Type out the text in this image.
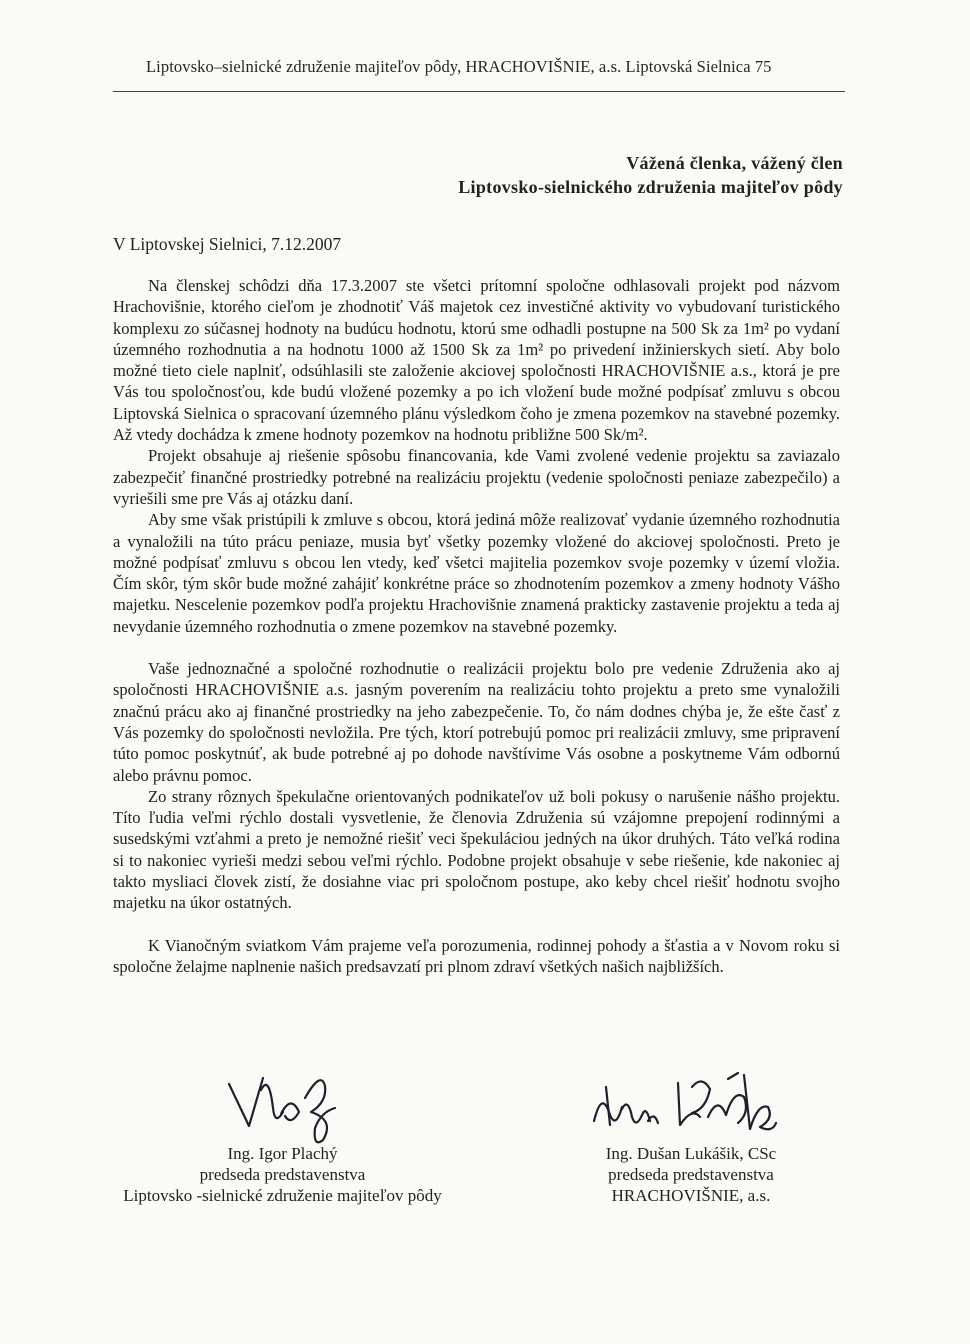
Liptovsko–sielnické združenie majiteľov pôdy, HRACHOVIŠNIE, a.s. Liptovská Sielnica 75
Vážená členka, vážený člen
Liptovsko-sielnického združenia majiteľov pôdy
V Liptovskej Sielnici, 7.12.2007

Na členskej schôdzi dňa 17.3.2007 ste všetci prítomní spoločne odhlasovali projekt pod názvom Hrachovišnie, ktorého cieľom je zhodnotiť Váš majetok cez investičné aktivity vo vybudovaní turistického komplexu zo súčasnej hodnoty na budúcu hodnotu, ktorú sme odhadli postupne na 500 Sk za 1m² po vydaní územného rozhodnutia a na hodnotu 1000 až 1500 Sk za 1m² po privedení inžinierskych sietí. Aby bolo možné tieto ciele naplniť, odsúhlasili ste založenie akciovej spoločnosti HRACHOVIŠNIE a.s., ktorá je pre Vás tou spoločnosťou, kde budú vložené pozemky a po ich vložení bude možné podpísať zmluvu s obcou Liptovská Sielnica o spracovaní územného plánu výsledkom čoho je zmena pozemkov na stavebné pozemky. Až vtedy dochádza k zmene hodnoty pozemkov na hodnotu približne 500 Sk/m².

Projekt obsahuje aj riešenie spôsobu financovania, kde Vami zvolené vedenie projektu sa zaviazalo zabezpečiť finančné prostriedky potrebné na realizáciu projektu (vedenie spoločnosti peniaze zabezpečilo) a vyriešili sme pre Vás aj otázku daní.

Aby sme však pristúpili k zmluve s obcou, ktorá jediná môže realizovať vydanie územného rozhodnutia a vynaložili na túto prácu peniaze, musia byť všetky pozemky vložené do akciovej spoločnosti. Preto je možné podpísať zmluvu s obcou len vtedy, keď všetci majitelia pozemkov svoje pozemky v území vložia. Čím skôr, tým skôr bude možné zahájiť konkrétne práce so zhodnotením pozemkov a zmeny hodnoty Vášho majetku. Nescelenie pozemkov podľa projektu Hrachovišnie znamená prakticky zastavenie projektu a teda aj nevydanie územného rozhodnutia o zmene pozemkov na stavebné pozemky.

Vaše jednoznačné a spoločné rozhodnutie o realizácii projektu bolo pre vedenie Združenia ako aj spoločnosti HRACHOVIŠNIE a.s. jasným poverením na realizáciu tohto projektu a preto sme vynaložili značnú prácu ako aj finančné prostriedky na jeho zabezpečenie. To, čo nám dodnes chýba je, že ešte časť z Vás pozemky do spoločnosti nevložila. Pre tých, ktorí potrebujú pomoc pri realizácii zmluvy, sme pripravení túto pomoc poskytnúť, ak bude potrebné aj po dohode navštívime Vás osobne a poskytneme Vám odbornú alebo právnu pomoc.

Zo strany rôznych špekulačne orientovaných podnikateľov už boli pokusy o narušenie nášho projektu. Títo ľudia veľmi rýchlo dostali vysvetlenie, že členovia Združenia sú vzájomne prepojení rodinnými a susedskými vzťahmi a preto je nemožné riešiť veci špekuláciou jedných na úkor druhých. Táto veľká rodina si to nakoniec vyrieši medzi sebou veľmi rýchlo. Podobne projekt obsahuje v sebe riešenie, kde nakoniec aj takto mysliaci človek zistí, že dosiahne viac pri spoločnom postupe, ako keby chcel riešiť hodnotu svojho majetku na úkor ostatných.

K Vianočným sviatkom Vám prajeme veľa porozumenia, rodinnej pohody a šťastia a v Novom roku si spoločne želajme naplnenie našich predsavzatí pri plnom zdraví všetkých našich najbližších.

Ing. Igor Plachý
predseda predstavenstva
Liptovsko -sielnické združenie majiteľov pôdy
Ing. Dušan Lukášik, CSc
predseda predstavenstva
HRACHOVIŠNIE, a.s.
